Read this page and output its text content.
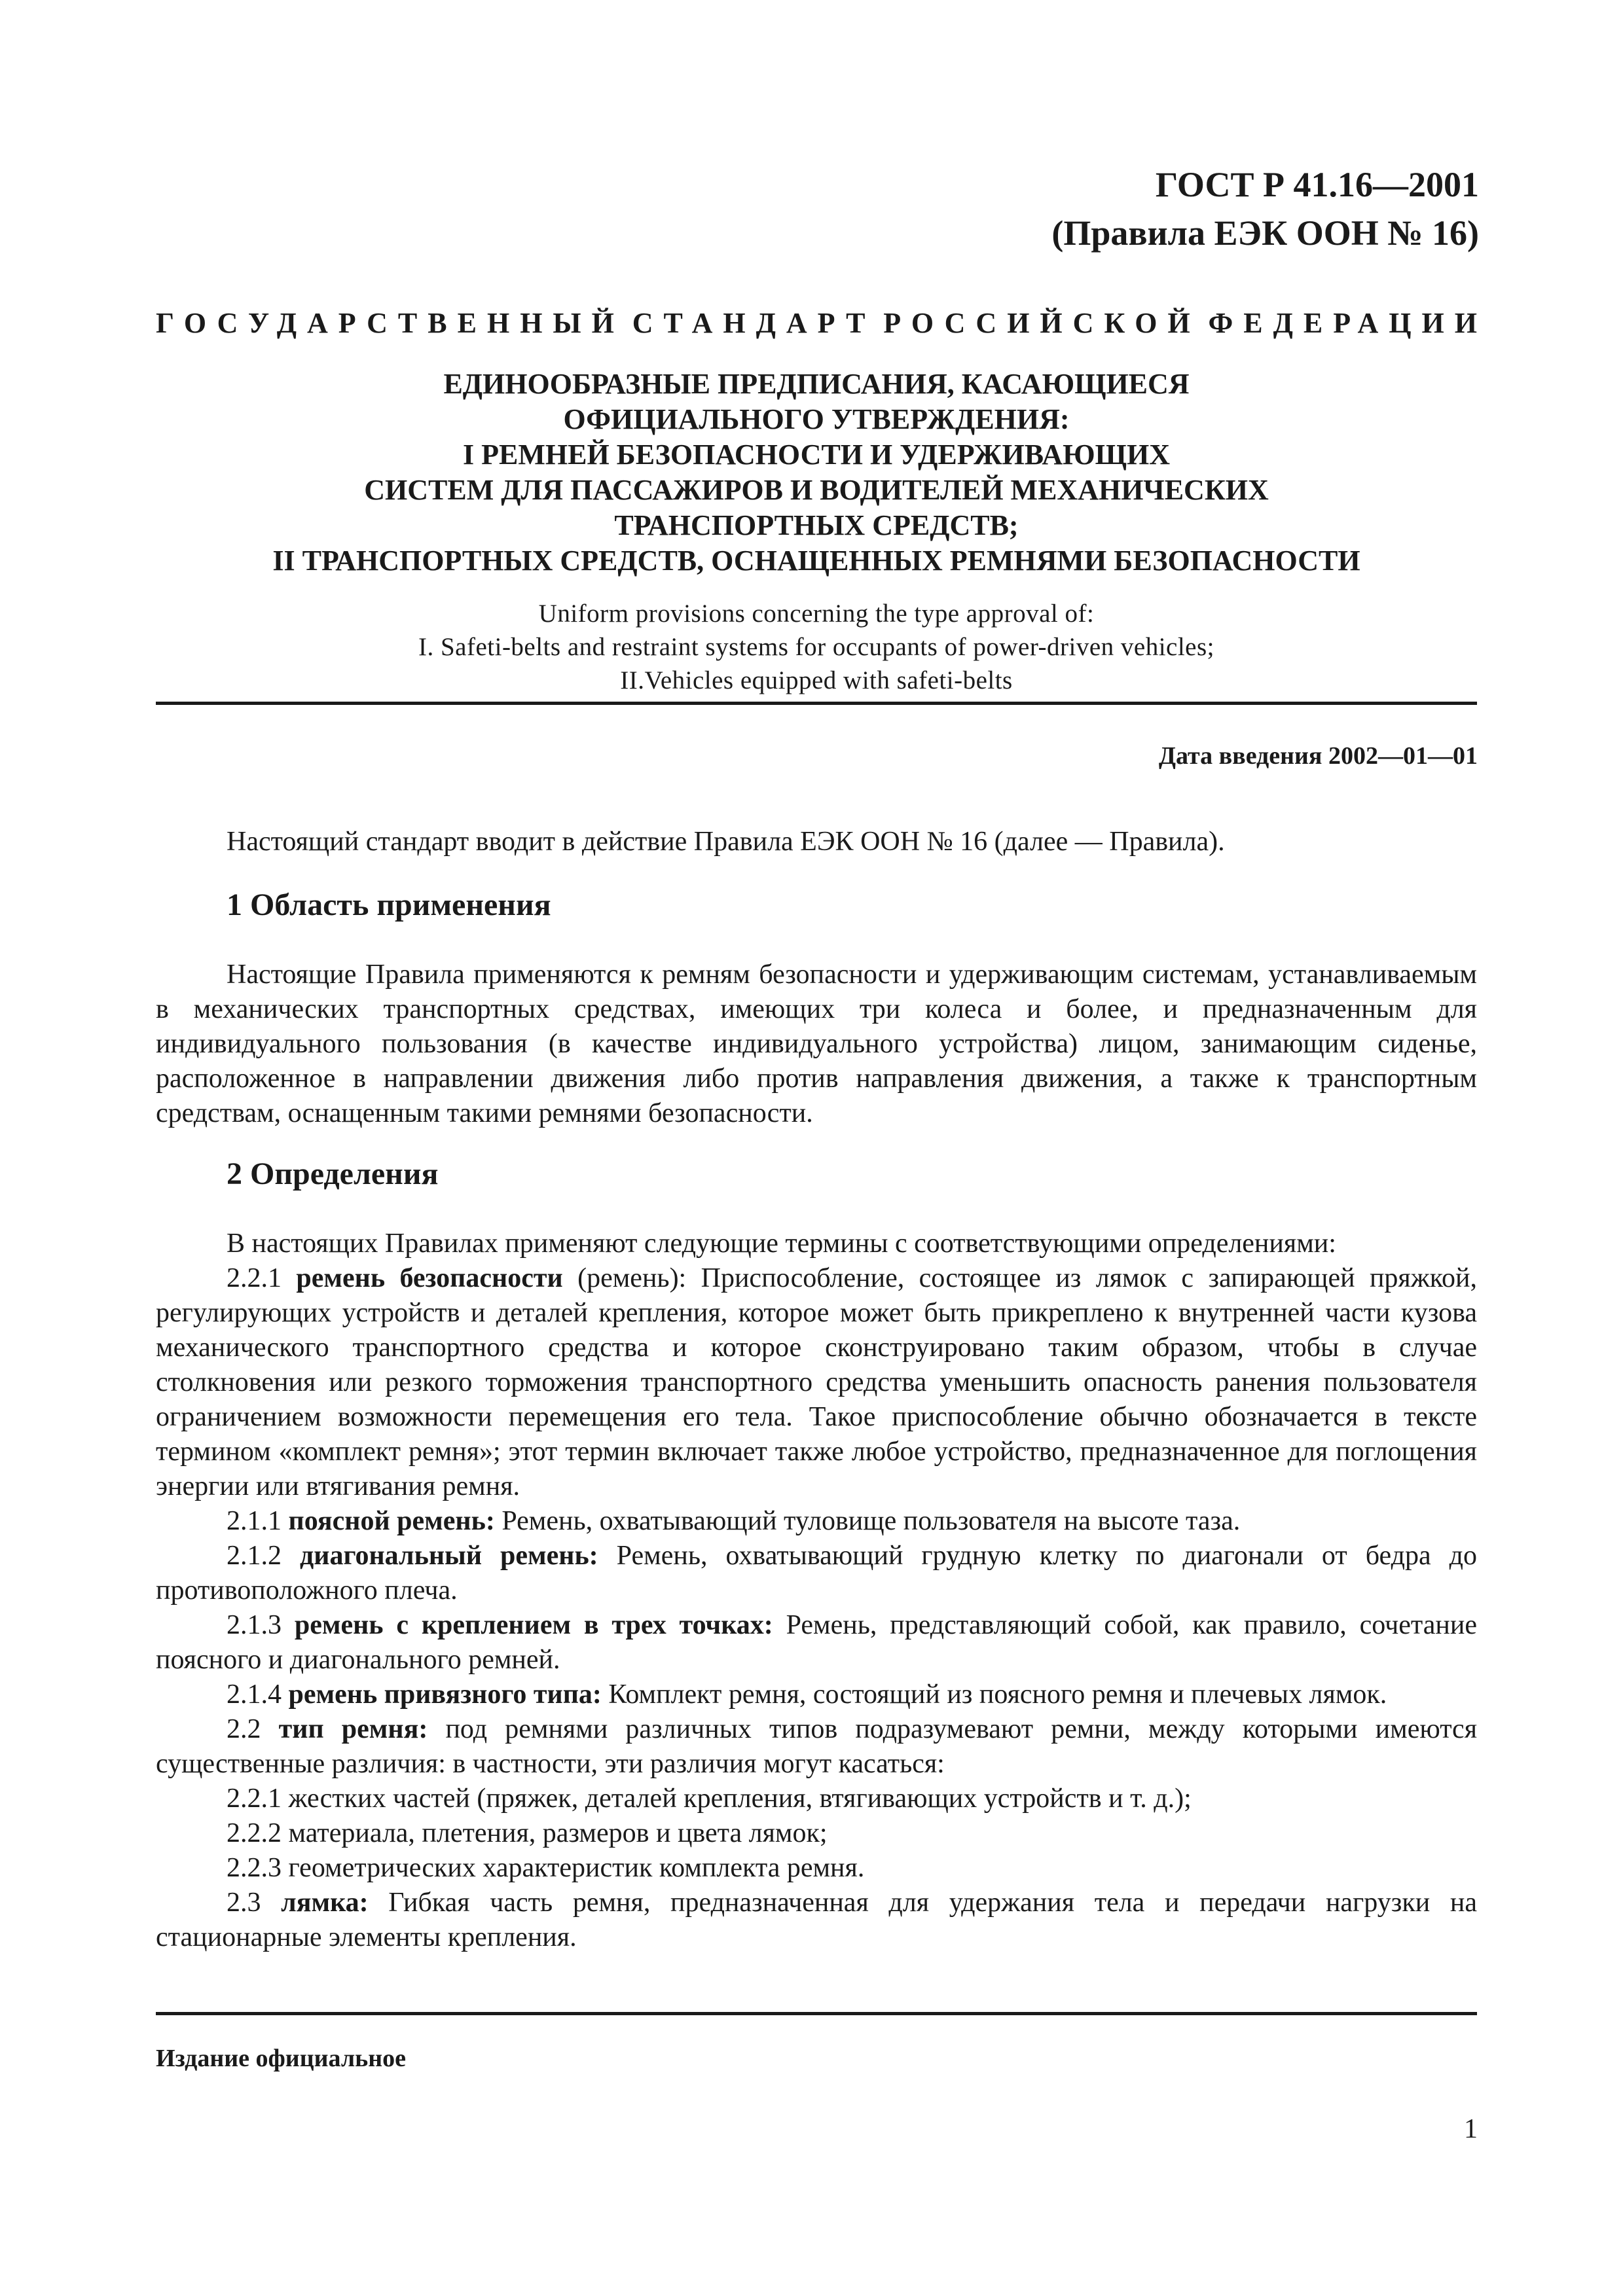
ГОСТ Р 41.16—2001
(Правила ЕЭК ООН № 16)
ГОСУДАРСТВЕННЫЙ СТАНДАРТ РОССИЙСКОЙ ФЕДЕРАЦИИ
ЕДИНООБРАЗНЫЕ ПРЕДПИСАНИЯ, КАСАЮЩИЕСЯ
ОФИЦИАЛЬНОГО УТВЕРЖДЕНИЯ:
I РЕМНЕЙ БЕЗОПАСНОСТИ И УДЕРЖИВАЮЩИХ
СИСТЕМ ДЛЯ ПАССАЖИРОВ И ВОДИТЕЛЕЙ МЕХАНИЧЕСКИХ
ТРАНСПОРТНЫХ СРЕДСТВ;
II ТРАНСПОРТНЫХ СРЕДСТВ, ОСНАЩЕННЫХ РЕМНЯМИ БЕЗОПАСНОСТИ
Uniform provisions concerning the type approval of:
I. Safeti-belts and restraint systems for occupants of power-driven vehicles;
II.Vehicles equipped with safeti-belts
Дата введения 2002—01—01

Настоящий стандарт вводит в действие Правила ЕЭК ООН № 16 (далее — Правила).

1 Область применения

Настоящие Правила применяются к ремням безопасности и удерживающим системам, устанавливаемым в механических транспортных средствах, имеющих три колеса и более, и предназначенным для индивидуального пользования (в качестве индивидуального устройства) лицом, занимающим сиденье, расположенное в направлении движения либо против направления движения, а также к транспортным средствам, оснащенным такими ремнями безопасности.

2 Определения

В настоящих Правилах применяют следующие термины с соответствующими определениями:

2.2.1 ремень безопасности (ремень): Приспособление, состоящее из лямок с запирающей пряжкой, регулирующих устройств и деталей крепления, которое может быть прикреплено к внутренней части кузова механического транспортного средства и которое сконструировано таким образом, чтобы в случае столкновения или резкого торможения транспортного средства уменьшить опасность ранения пользователя ограничением возможности перемещения его тела. Такое приспособление обычно обозначается в тексте термином «комплект ремня»; этот термин включает также любое устройство, предназначенное для поглощения энергии или втягивания ремня.

2.1.1 поясной ремень: Ремень, охватывающий туловище пользователя на высоте таза.

2.1.2 диагональный ремень: Ремень, охватывающий грудную клетку по диагонали от бедра до противоположного плеча.

2.1.3 ремень с креплением в трех точках: Ремень, представляющий собой, как правило, сочетание поясного и диагонального ремней.

2.1.4 ремень привязного типа: Комплект ремня, состоящий из поясного ремня и плечевых лямок.

2.2 тип ремня: под ремнями различных типов подразумевают ремни, между которыми имеются существенные различия: в частности, эти различия могут касаться:

2.2.1 жестких частей (пряжек, деталей крепления, втягивающих устройств и т. д.);

2.2.2 материала, плетения, размеров и цвета лямок;

2.2.3 геометрических характеристик комплекта ремня.

2.3 лямка: Гибкая часть ремня, предназначенная для удержания тела и передачи нагрузки на стационарные элементы крепления.

Издание официальное
1
